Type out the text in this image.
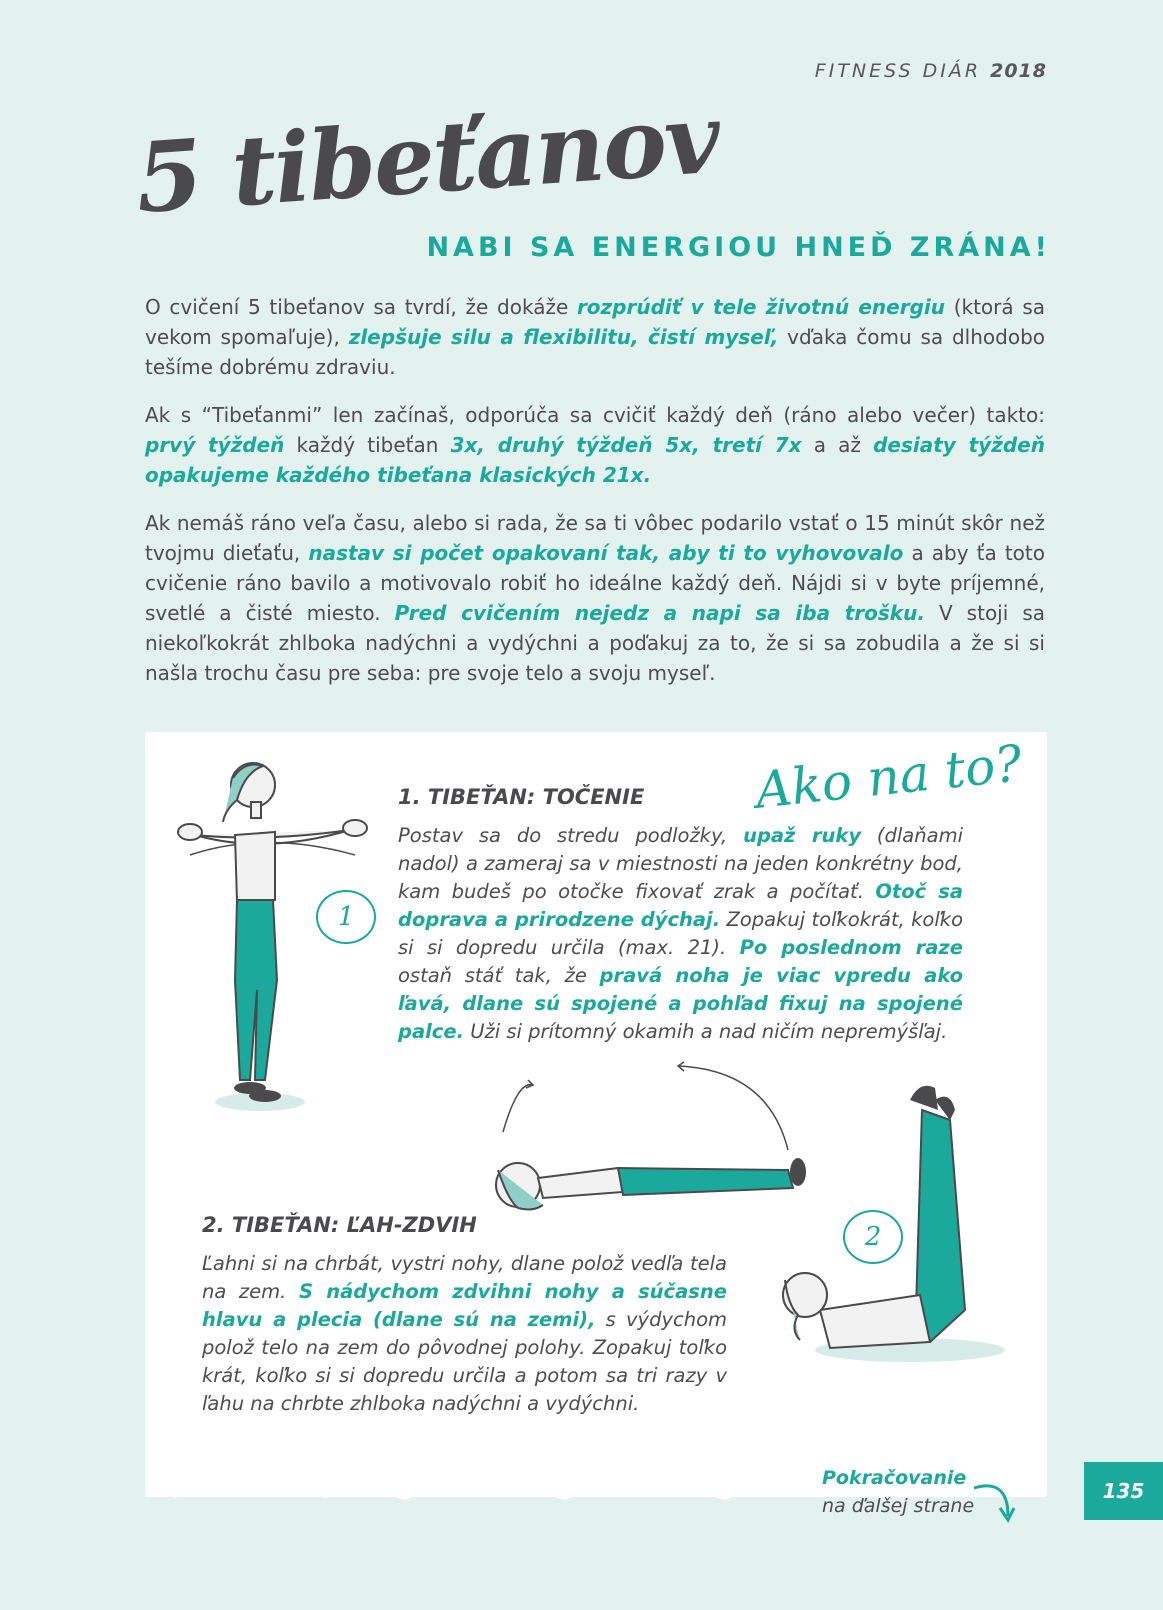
FITNESS DIÁR 2018
5 tibeťanov
NABI SA ENERGIOU HNEĎ ZRÁNA!
O cvičení 5 tibeťanov sa tvrdí, že dokáže rozprúdiť v tele životnú energiu (ktorá sa vekom spomaľuje), zlepšuje silu a flexibilitu, čistí myseľ, vďaka čomu sa dlhodobo tešíme dobrému zdraviu.
Ak s “Tibeťanmi” len začínaš, odporúča sa cvičiť každý deň (ráno alebo večer) takto: prvý týždeň každý tibeťan 3x, druhý týždeň 5x, tretí 7x a až desiaty týždeň opakujeme každého tibeťana klasických 21x.
Ak nemáš ráno veľa času, alebo si rada, že sa ti vôbec podarilo vstať o 15 minút skôr než tvojmu dieťaťu, nastav si počet opakovaní tak, aby ti to vyhovovalo a aby ťa toto cvičenie ráno bavilo a motivovalo robiť ho ideálne každý deň. Nájdi si v byte príjemné, svetlé a čisté miesto. Pred cvičením nejedz a napi sa iba trošku. V stoji sa niekoľkokrát zhlboka nadýchni a vydýchni a poďakuj za to, že si sa zobudila a že si si našla trochu času pre seba: pre svoje telo a svoju myseľ.
Ako na to?
1
1. TIBEŤAN: TOČENIE
Postav sa do stredu podložky, upaž ruky (dlaňami nadol) a zameraj sa v miestnosti na jeden konkrétny bod, kam budeš po otočke fixovať zrak a počítať. Otoč sa doprava a prirodzene dýchaj. Zopakuj toľkokrát, koľko si si dopredu určila (max. 21). Po poslednom raze ostaň stáť tak, že pravá noha je viac vpredu ako ľavá, dlane sú spojené a pohľad fixuj na spojené palce. Uži si prítomný okamih a nad ničím nepremýšľaj.
2
2. TIBEŤAN: ĽAH-ZDVIH
Ľahni si na chrbát, vystri nohy, dlane polož vedľa tela na zem. S nádychom zdvihni nohy a súčasne hlavu a plecia (dlane sú na zemi), s výdychom polož telo na zem do pôvodnej polohy. Zopakuj toľko krát, koľko si si dopredu určila a potom sa tri razy v ľahu na chrbte zhlboka nadýchni a vydýchni.
Pokračovanie
na ďalšej strane
135
